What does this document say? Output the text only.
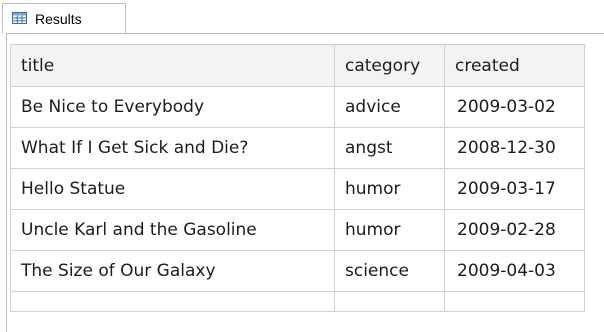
Results
title	category	created
Be Nice to Everybody	advice	2009-03-02
What If I Get Sick and Die?	angst	2008-12-30
Hello Statue	humor	2009-03-17
Uncle Karl and the Gasoline	humor	2009-02-28
The Size of Our Galaxy	science	2009-04-03
